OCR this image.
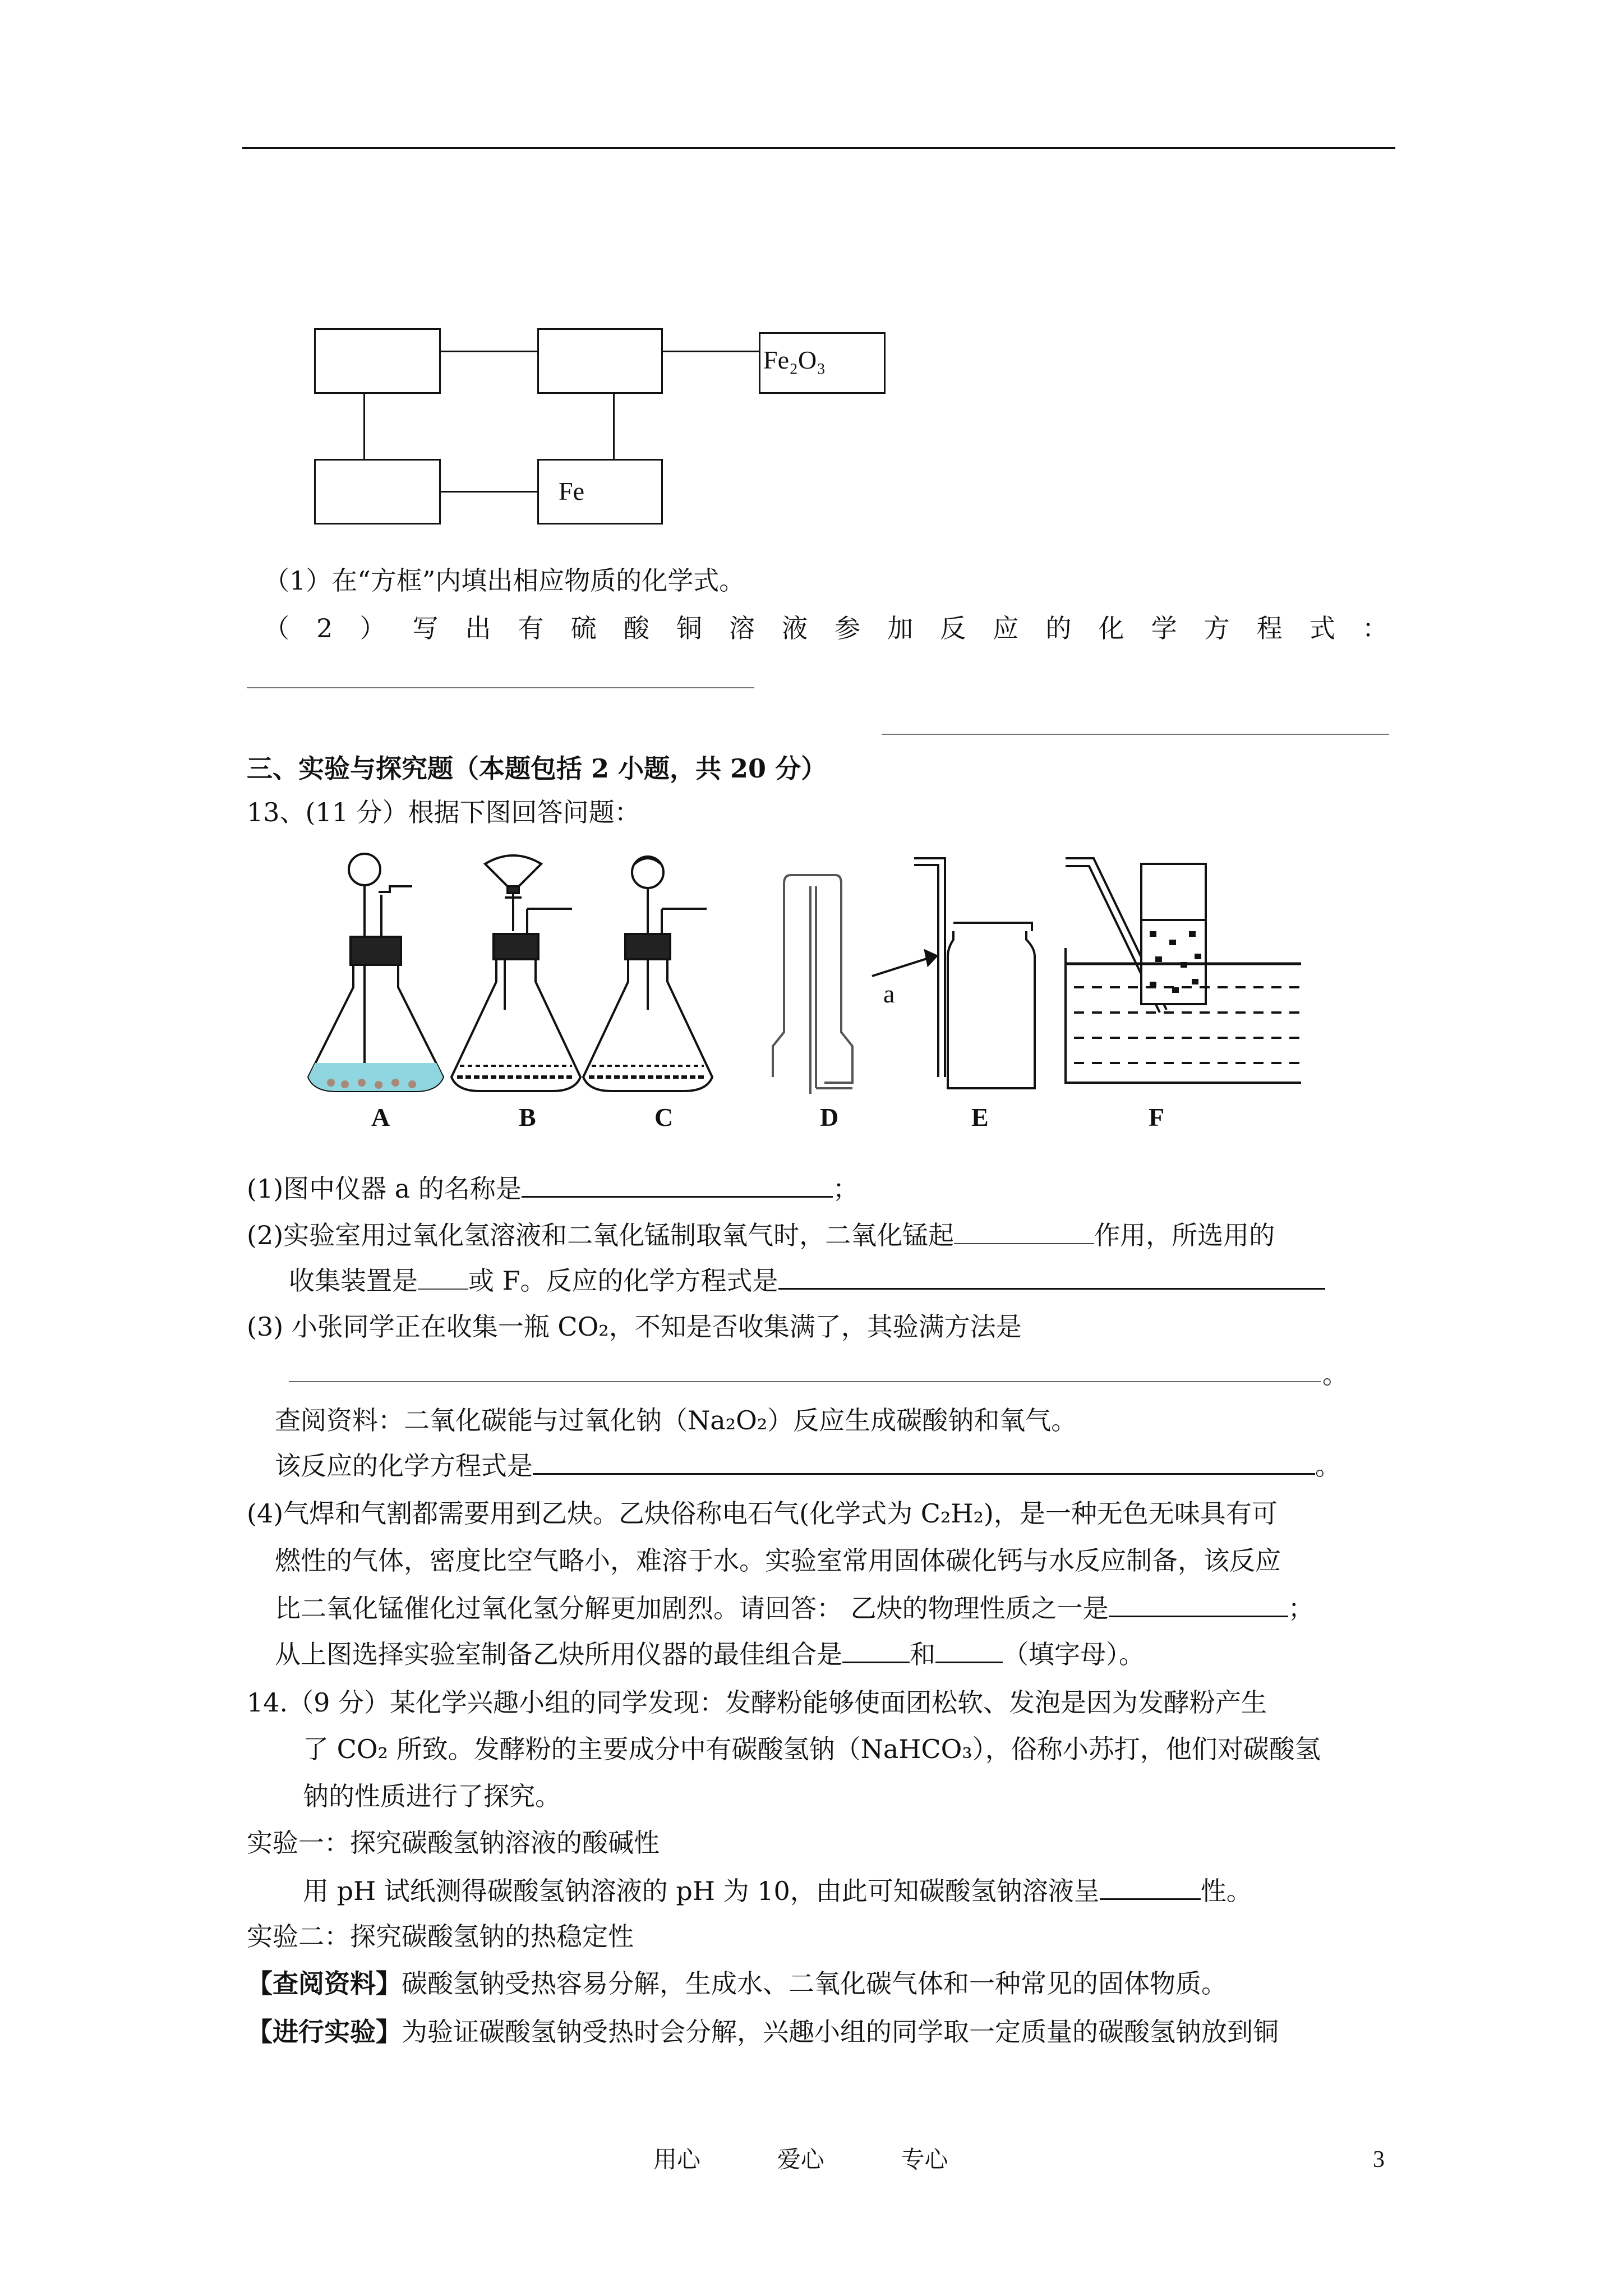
Fe₂O₃
Fe
（1）在“方框”内填出相应物质的化学式。
（ 2 ） 写 出 有 硫 酸 铜 溶 液 参 加 反 应 的 化 学 方 程 式 ：
三、实验与探究题（本题包括 2 小题，共 20 分）
13、(11 分）根据下图回答问题：
a
A	B	C	D	E	F
(1)图中仪器 a 的名称是	；
(2)实验室用过氧化氢溶液和二氧化锰制取氧气时，二氧化锰起	作用，所选用的
收集装置是 或 F。反应的化学方程式是
(3) 小张同学正在收集一瓶 CO₂，不知是否收集满了，其验满方法是
。
查阅资料：二氧化碳能与过氧化钠（Na₂O₂）反应生成碳酸钠和氧气。
该反应的化学方程式是	。
(4)气焊和气割都需要用到乙炔。乙炔俗称电石气(化学式为 C₂H₂)，是一种无色无味具有可
燃性的气体，密度比空气略小，难溶于水。实验室常用固体碳化钙与水反应制备，该反应
比二氧化锰催化过氧化氢分解更加剧烈。请回答： 乙炔的物理性质之一是	；
从上图选择实验室制备乙炔所用仪器的最佳组合是	和	（填字母）。
14.（9 分）某化学兴趣小组的同学发现：发酵粉能够使面团松软、发泡是因为发酵粉产生
了 CO₂ 所致。发酵粉的主要成分中有碳酸氢钠（NaHCO₃），俗称小苏打，他们对碳酸氢
钠的性质进行了探究。
实验一：探究碳酸氢钠溶液的酸碱性
用 pH 试纸测得碳酸氢钠溶液的 pH 为 10，由此可知碳酸氢钠溶液呈	性。
实验二：探究碳酸氢钠的热稳定性
【查阅资料】碳酸氢钠受热容易分解，生成水、二氧化碳气体和一种常见的固体物质。
【进行实验】为验证碳酸氢钠受热时会分解，兴趣小组的同学取一定质量的碳酸氢钠放到铜
用心	爱心	专心	3
